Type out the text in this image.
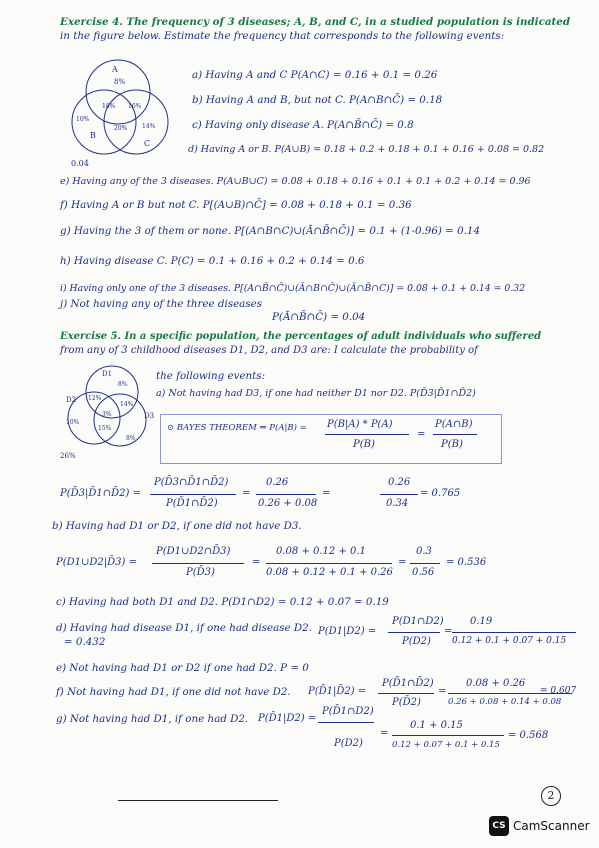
Exercise 4. The frequency of 3 diseases; A, B, and C, in a studied population is indicated
in the figure below. Estimate the frequency that corresponds to the following events:
A
B
C
8%
18% 16%
10%
20% 14%
0.04
a) Having A and C P(A∩C) = 0.16 + 0.1 = 0.26
b) Having A and B, but not C. P(A∩B∩C̄) = 0.18
c) Having only disease A. P(A∩B̄∩C̄) = 0.8
d) Having A or B. P(A∪B) = 0.18 + 0.2 + 0.18 + 0.1 + 0.16 + 0.08 = 0.82
e) Having any of the 3 diseases. P(A∪B∪C) = 0.08 + 0.18 + 0.16 + 0.1 + 0.1 + 0.2 + 0.14 = 0.96
f) Having A or B but not C. P[(A∪B)∩C̄] = 0.08 + 0.18 + 0.1 = 0.36
g) Having the 3 of them or none. P[(A∩B∩C)∪(Ā∩B̄∩C̄)] = 0.1 + (1-0.96) = 0.14
h) Having disease C. P(C) = 0.1 + 0.16 + 0.2 + 0.14 = 0.6
i) Having only one of the 3 diseases. P[(A∩B̄∩C̄)∪(Ā∩B∩C̄)∪(Ā∩B̄∩C)] = 0.08 + 0.1 + 0.14 = 0.32
j) Not having any of the three diseases
P(Ā∩B̄∩C̄) = 0.04
Exercise 5. In a specific population, the percentages of adult individuals who suffered
from any of 3 childhood diseases D1, D2, and D3 are: I calculate the probability of
the following events:
a) Not having had D3, if one had neither D1 nor D2. P(D̄3|D̄1∩D̄2)
D1
D2
D3
8%
12%
14%
3%
10%
15%
8%
26%
⊙ BAYES THEOREM ⇒ P(A|B) = P(B|A) * P(A)
P(B)
=
P(A∩B)
P(B)
P(D̄3|D̄1∩D̄2) =
P(D̄3∩D̄1∩D̄2)
P(D̄1∩D̄2)
=
0.26
0.26 + 0.08
=
0.26
0.34
= 0.765
b) Having had D1 or D2, if one did not have D3.
P(D1∪D2|D̄3) =
P(D1∪D2∩D̄3)
P(D̄3)
=
0.08 + 0.12 + 0.1
0.08 + 0.12 + 0.1 + 0.26
=
0.3
0.56
= 0.536
c) Having had both D1 and D2. P(D1∩D2) = 0.12 + 0.07 = 0.19
d) Having had disease D1, if one had disease D2. P(D1|D2) =
P(D1∩D2)
P(D2)
=
0.19
0.12 + 0.1 + 0.07 + 0.15
= 0.432
e) Not having had D1 or D2 if one had D2. P = 0
f) Not having had D1, if one did not have D2. P(D̄1|D̄2) =
P(D̄1∩D̄2)
P(D̄2)
=
0.08 + 0.26
0.26 + 0.08 + 0.14 + 0.08
= 0.607
g) Not having had D1, if one had D2. P(D̄1|D2) =
P(D̄1∩D2)
P(D2)
=
0.1 + 0.15
0.12 + 0.07 + 0.1 + 0.15
= 0.568
2
CS CamScanner
